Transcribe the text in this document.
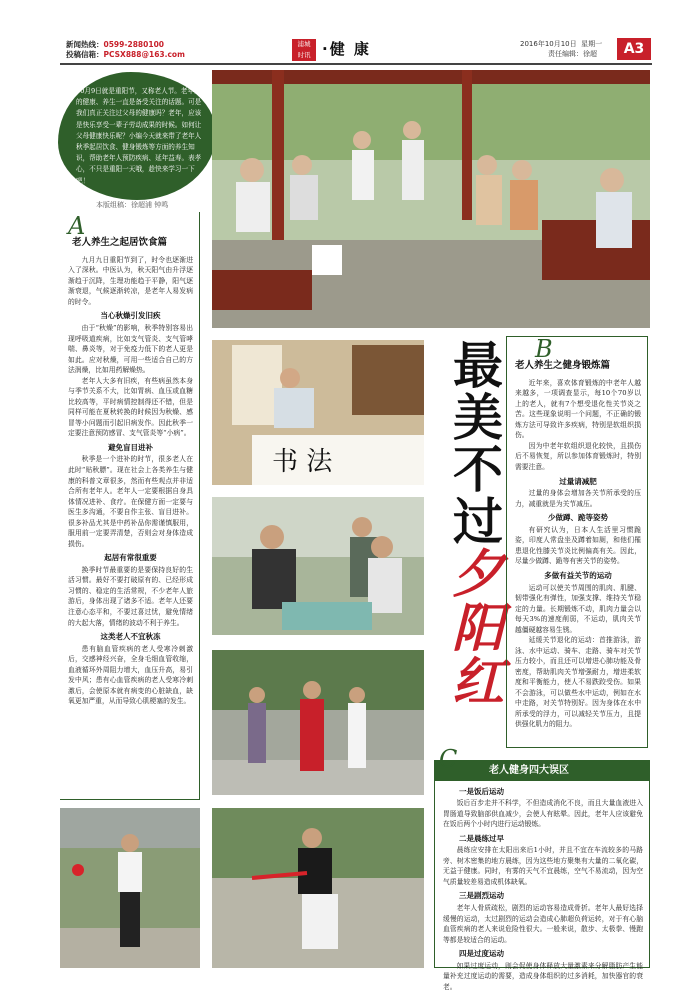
新闻热线：0599-2880100
投稿信箱：PCSX888@163.com
浦城
时讯 ·健 康	2016年10月10日 星期一
责任编辑：徐超	A3
10月9日就是重阳节，又称老人节。老年人的健康、养生一直是备受关注的话题。可是我们真正关注过父母的健康吗？老年，应该是快乐享受一辈子劳动成果的时候。如何让父母健康快乐呢？小编今天就来带了老年人秋季起居饮食、健身锻炼等方面的养生知识，帮助老年人预防疾病、延年益寿。表孝心，不只是重阳一天哦，趁快来学习一下吧！
本版组稿：徐超浦 钟鸣
A
老人养生之起居饮食篇
九月九日重阳节到了，时令也逐渐进入了深秋。中医认为，秋天阳气由升浮逐渐趋于沉降，生理功能趋于平静，阳气逐渐衰退，气候逐渐转凉，是老年人易发病的时令。
当心秋燥引发旧疾
由于“秋燥”的影响，秋季特别容易出现呼吸道疾病，比如支气管炎、支气管哮喘、鼻炎等，对于免疫力低下的老人更是如此。应对秋燥，可用一些适合自己的方法润燥，比如用药解燥热。
老年人大多有旧疾，有些病虽然本身与季节关系不大，比如胃病、血压或血糖比较高等，平时病情控制得还不错，但是同样可能在夏秋转换的时候因为秋燥、感冒等小问题而引起旧病发作。因此秋季一定要注意预防感冒、支气管炎等“小病”。
避免盲目进补
秋季是一个进补的时节，很多老人在此时“贴秋膘”。现在社会上各类养生与健康的科普文章很多，然而有些观点并非适合所有老年人。老年人一定要根据自身具体情况进补、食疗。在保健方面一定要与医生多沟通，不要自作主张、盲目进补。很多补品尤其是中药补品你需谨慎服用，服用前一定要弄清楚，否则会对身体造成损伤。
起居有常很重要
换季时节最重要的是要保持良好的生活习惯。最好不要打破原有的、已经形成习惯的、稳定的生活常规，不少老年人旅游后，身体出现了诸多不适。老年人还要注意心态平和，不要过喜过忧，避免情绪的大起大落，情绪的波动不利于养生。
这类老人不宜秋冻
患有脑血管疾病的老人受寒冷刺激后，交感神经兴奋，全身毛细血管收缩，血液循环外周阻力增大，血压升高，易引发中风；患有心血管疾病的老人受寒冷刺激后，会使原本就有病变的心脏缺血，缺氧更加严重，从而导致心肌梗塞的发生。
书 法
最美不过
夕阳红
B
老人养生之健身锻炼篇
近年来，喜欢体育锻炼的中老年人越来越多，一项调查显示，每10个70岁以上的老人，就有7个想受退化性关节炎之苦。这些现象说明一个问题，不正确的锻炼方法可导致许多疾病，特别是软组织损伤。
因为中老年软组织退化较快，且损伤后不易恢复，所以参加体育锻炼时，特别需要注意。
过量请减肥
过量的身体会增加各关节所承受的压力，减重就是为关节减压。
少做蹲、跪等姿势
有研究认为，日本人生活里习惯跪姿，印度人常盘坐及蹲着如厕，和他们罹患退化性膝关节炎比例偏高有关。因此，尽量少做蹲、跪等有害关节的姿势。
多做有益关节的运动
运动可以使关节周围的肌肉、肌腱、韧带强化有弹性，加强支撑、维持关节稳定的力量。长期锻炼不动，肌肉力量会以每天3%的速度削弱，不运动，肌肉关节越僵硬越容易生锈。
延缓关节退化的运动：首推游泳，游泳、水中运动、骑车、走路、骑车对关节压力较小，而且还可以增进心肺功能及骨密度，帮助肌肉关节增强耐力，增进柔软度和平衡能力，使人不易跌跤受伤。如果不会游泳，可以做些水中运动，例如在水中走路，对关节特别好。因为身体在水中所承受的浮力，可以减轻关节压力，且提供强化肌力的阻力。
C	老人健身四大误区
一是饭后运动
饭后百步走并不科学，不但造成消化不良，而且大量血液进入胃肠道导致脑部供血减少，会使人有眩晕。因此，老年人应该避免在饭后两个小时内进行运动锻炼。
二是晨练过早
晨练应安排在太阳出来后1小时，并且不宜在车流较多的马路旁、树木密集的地方晨练，因为这些地方聚集有大量的二氧化碳，无益于健康。同时，有雾的天气不宜晨练，空气不易流动，因为空气质量较差易造成机体缺氧。
三是剧烈运动
老年人骨质疏松，剧烈的运动容易造成骨折。老年人最好选择缓慢的运动，太过剧烈的运动会造成心肺超负荷运转，对于有心脑血管疾病的老人来说危险性很大。一般来说，散步、太极拳、慢跑等都是较适合的运动。
四是过度运动
如果过度运动，则会促使身体释放大量激素来分解脂肪产生能量补充过度运动的需要，造成身体组织的过多消耗，加快器官的衰老。
